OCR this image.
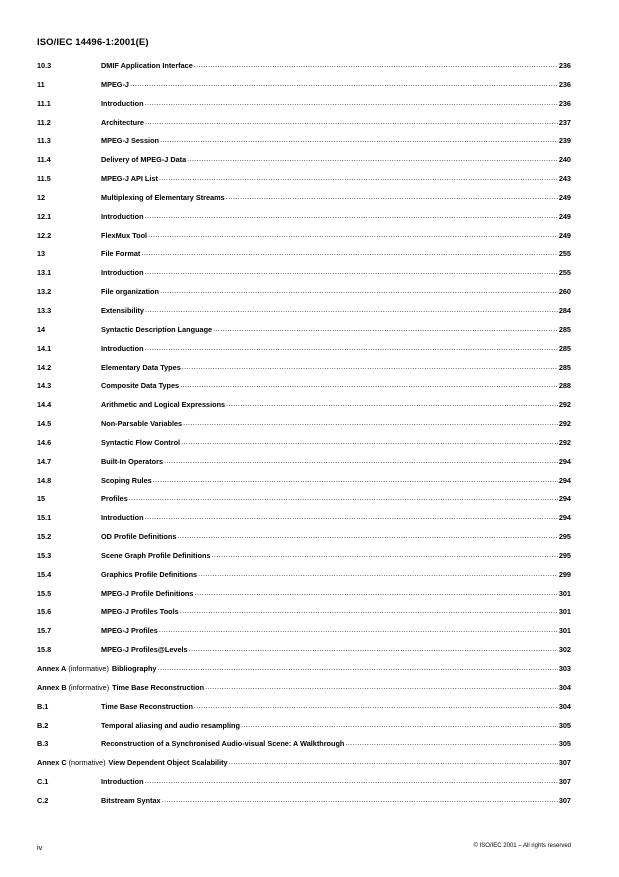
ISO/IEC 14496-1:2001(E)
10.3	DMIF Application Interface .....	236
11	MPEG-J .....	236
11.1	Introduction .....	236
11.2	Architecture .....	237
11.3	MPEG-J Session .....	239
11.4	Delivery of MPEG-J Data .....	240
11.5	MPEG-J API List .....	243
12	Multiplexing of Elementary Streams .....	249
12.1	Introduction .....	249
12.2	FlexMux Tool .....	249
13	File Format .....	255
13.1	Introduction .....	255
13.2	File organization .....	260
13.3	Extensibility .....	284
14	Syntactic Description Language .....	285
14.1	Introduction .....	285
14.2	Elementary Data Types .....	285
14.3	Composite Data Types .....	288
14.4	Arithmetic and Logical Expressions .....	292
14.5	Non-Parsable Variables .....	292
14.6	Syntactic Flow Control .....	292
14.7	Built-In Operators .....	294
14.8	Scoping Rules .....	294
15	Profiles .....	294
15.1	Introduction .....	294
15.2	OD Profile Definitions .....	295
15.3	Scene Graph Profile Definitions .....	295
15.4	Graphics Profile Definitions .....	299
15.5	MPEG-J Profile Definitions .....	301
15.6	MPEG-J Profiles Tools .....	301
15.7	MPEG-J Profiles .....	301
15.8	MPEG-J Profiles@Levels .....	302
Annex A (informative) Bibliography .....	303
Annex B (informative) Time Base Reconstruction .....	304
B.1	Time Base Reconstruction .....	304
B.2	Temporal aliasing and audio resampling .....	305
B.3	Reconstruction of a Synchronised Audio-visual Scene: A Walkthrough .....	305
Annex C (normative) View Dependent Object Scalability .....	307
C.1	Introduction .....	307
C.2	Bitstream Syntax .....	307
iv	© ISO/IEC 2001 – All rights reserved
